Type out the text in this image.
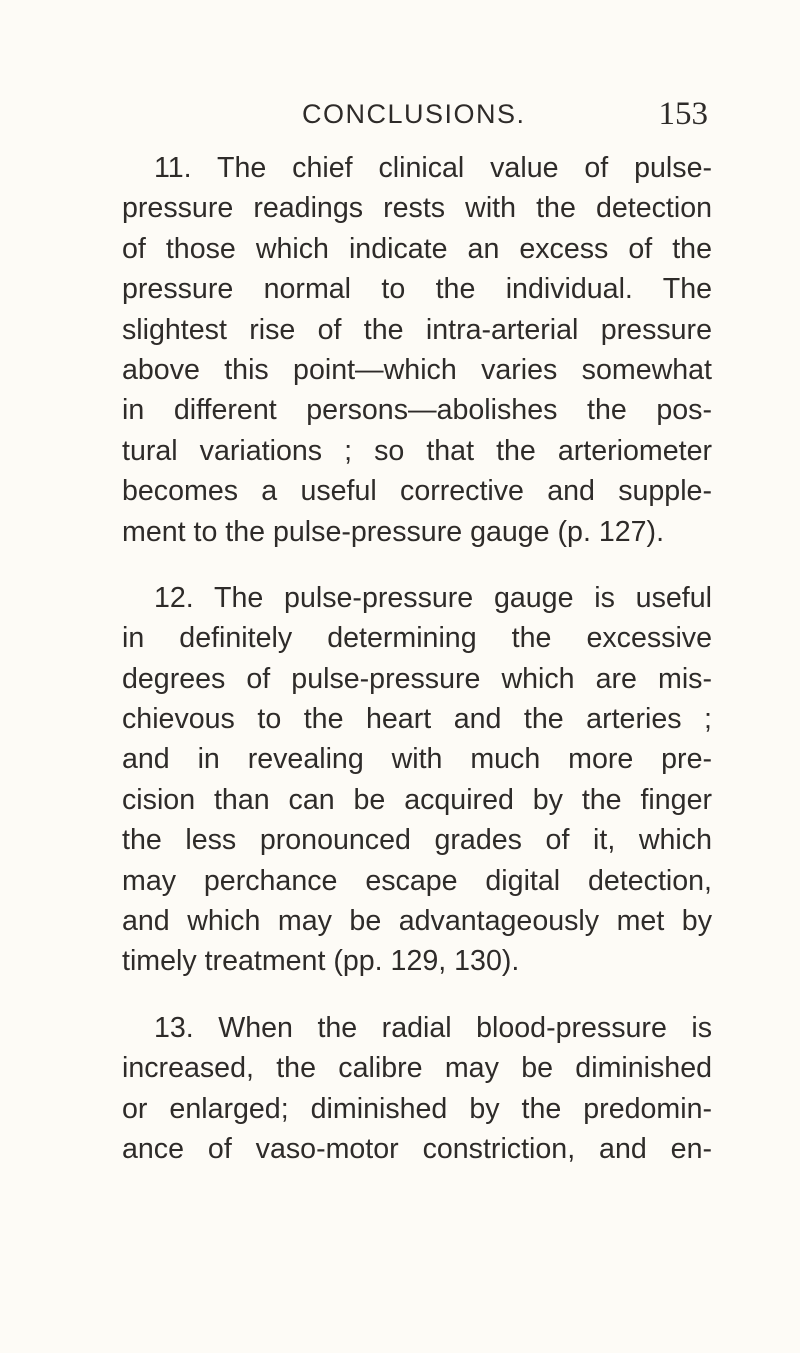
CONCLUSIONS.	153
11. The chief clinical value of pulse-
pressure readings rests with the detection
of those which indicate an excess of the
pressure normal to the individual. The
slightest rise of the intra-arterial pressure
above this point—which varies somewhat
in different persons—abolishes the pos-
tural variations ; so that the arteriometer
becomes a useful corrective and supple-
ment to the pulse-pressure gauge (p. 127).
12. The pulse-pressure gauge is useful
in definitely determining the excessive
degrees of pulse-pressure which are mis-
chievous to the heart and the arteries ;
and in revealing with much more pre-
cision than can be acquired by the finger
the less pronounced grades of it, which
may perchance escape digital detection,
and which may be advantageously met by
timely treatment (pp. 129, 130).
13. When the radial blood-pressure is
increased, the calibre may be diminished
or enlarged; diminished by the predomin-
ance of vaso-motor constriction, and en-
